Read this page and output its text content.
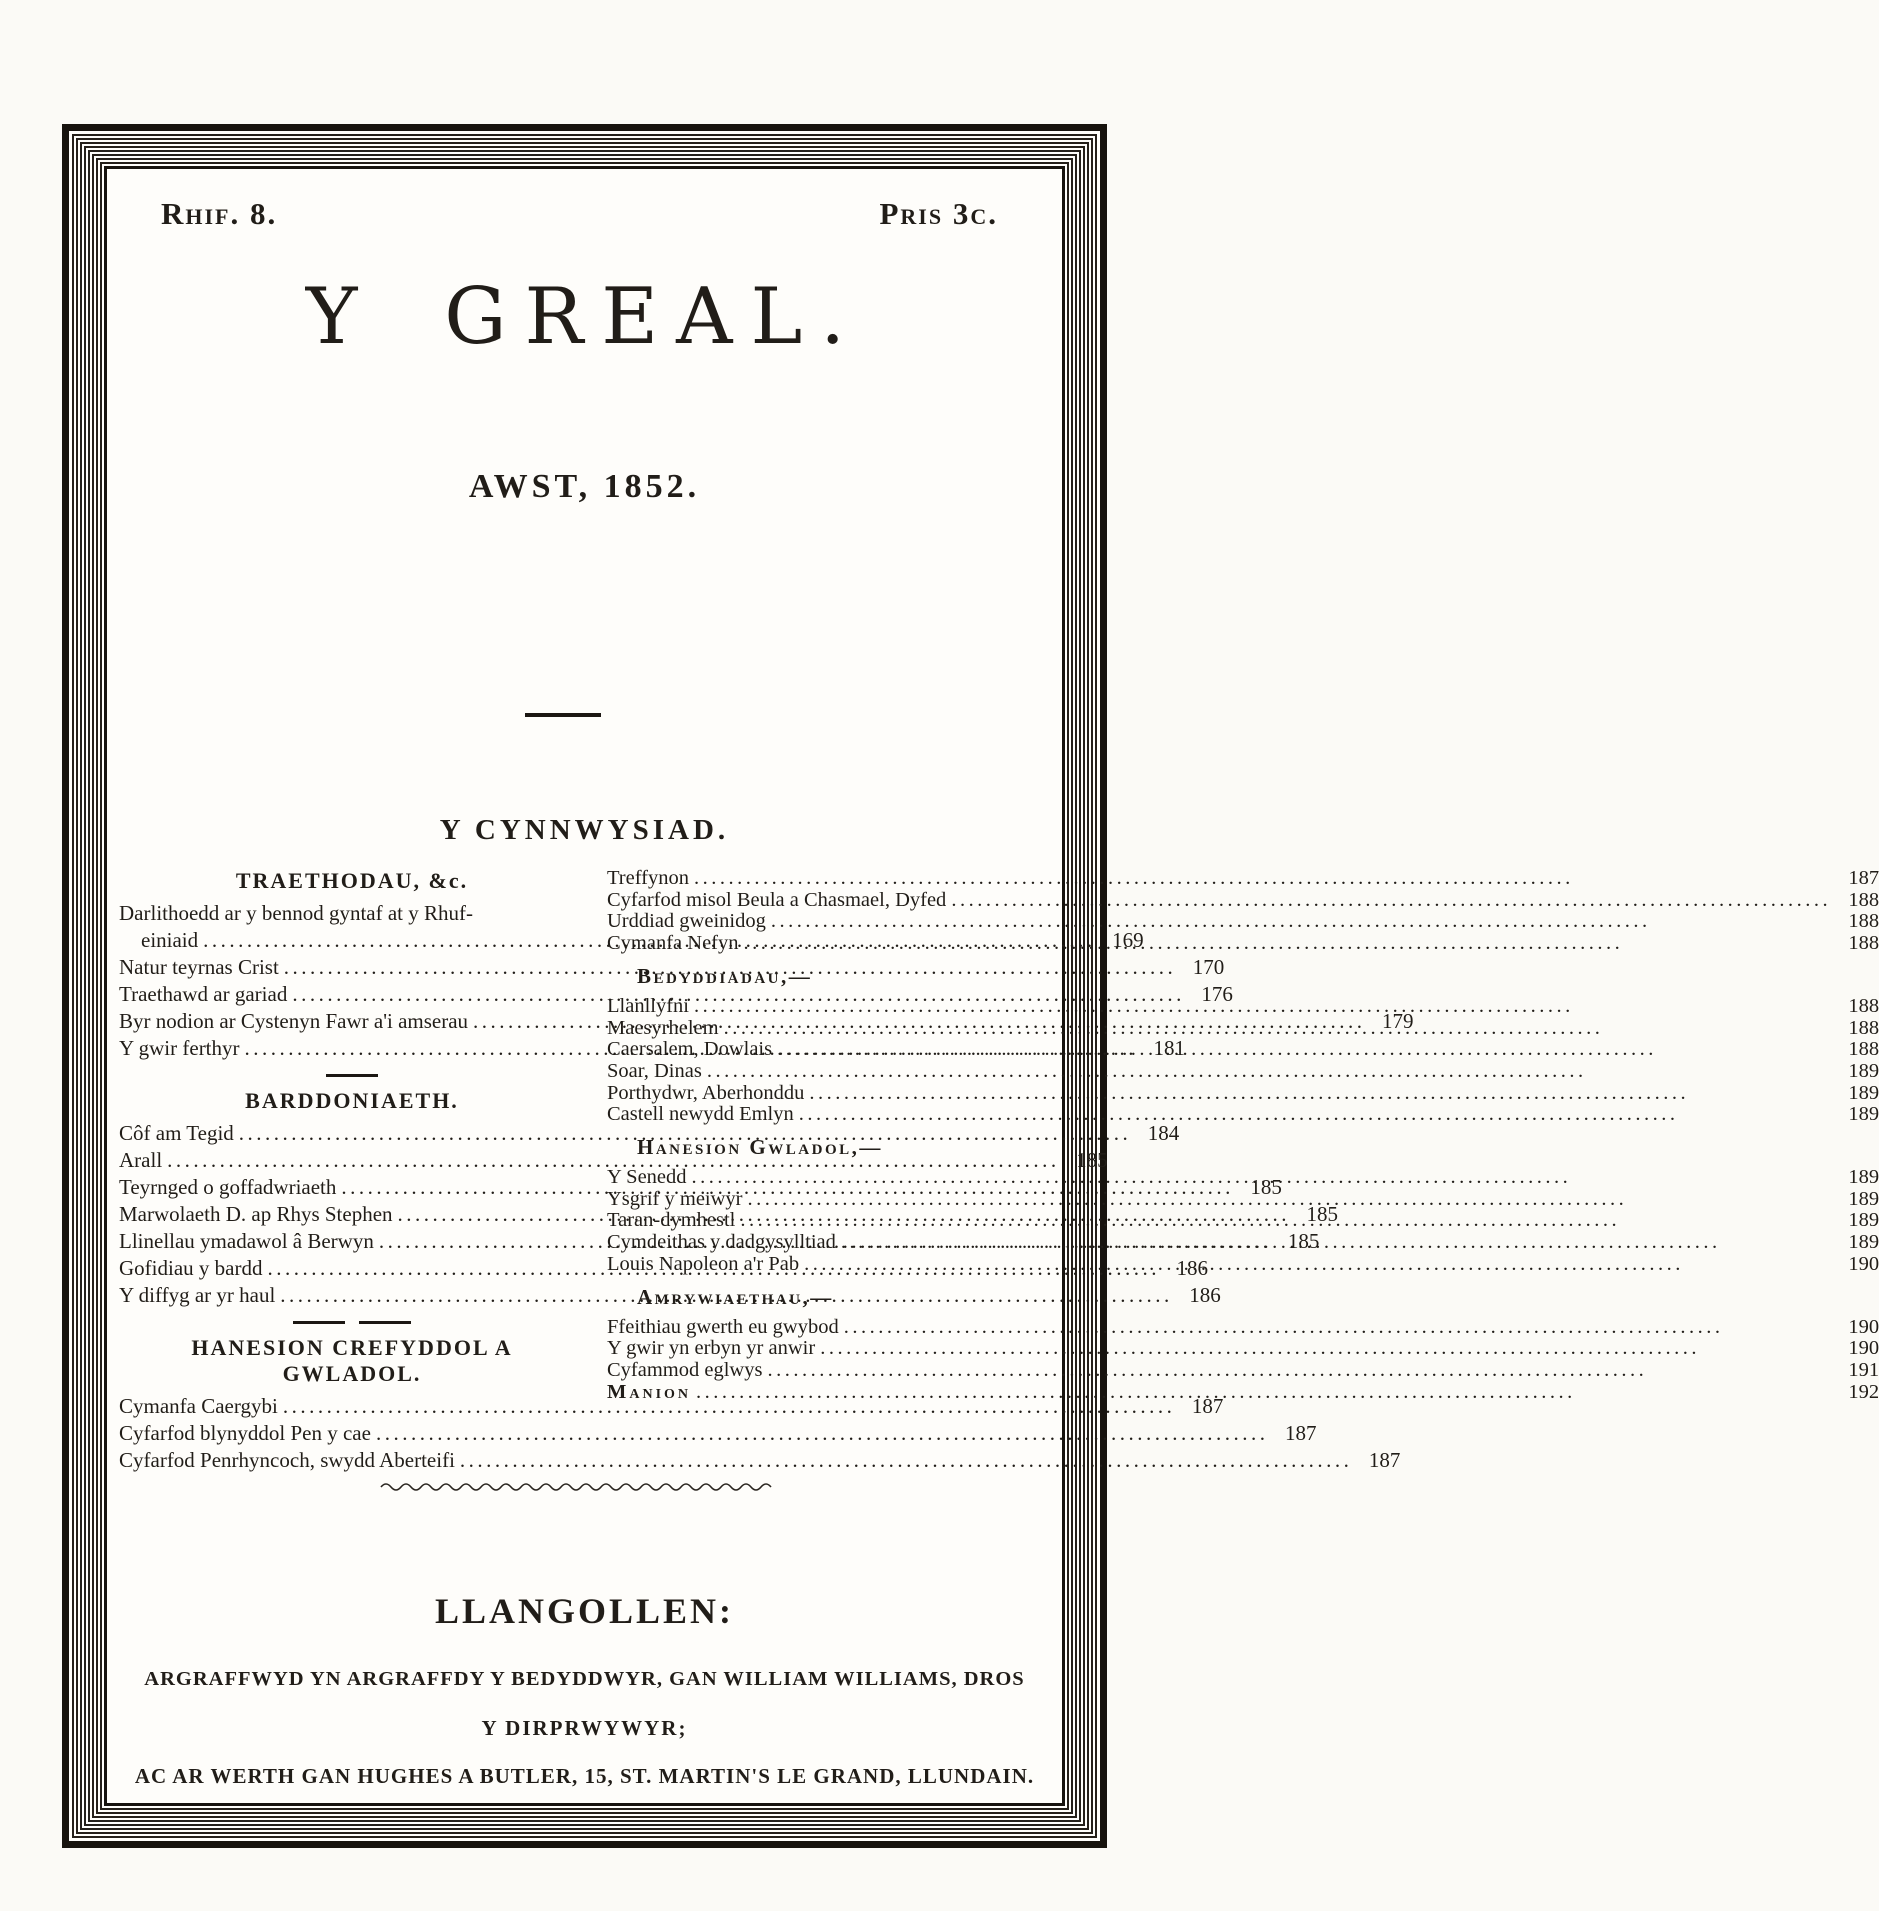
Rhif. 8.	Pris 3c.
Y GREAL.
AWST, 1852.
Y CYNNWYSIAD.
TRAETHODAU, &c.
Darlithoedd ar y bennod gyntaf at y Rhuf-
einiaid .....	169
Natur teyrnas Crist .....	170
Traethawd ar gariad .....	176
Byr nodion ar Cystenyn Fawr a'i amserau .....	179
Y gwir ferthyr .....	181
BARDDONIAETH.
Côf am Tegid .....	184
Arall .....	185
Teyrnged o goffadwriaeth .....	185
Marwolaeth D. ap Rhys Stephen .....	185
Llinellau ymadawol â Berwyn .....	185
Gofidiau y bardd .....	186
Y diffyg ar yr haul .....	186
HANESION CREFYDDOL A GWLADOL.
Cymanfa Caergybi .....	187
Cyfarfod blynyddol Pen y cae .....	187
Cyfarfod Penrhyncoch, swydd Aberteifi .....	187
Treffynon .....	187
Cyfarfod misol Beula a Chasmael, Dyfed .....	188
Urddiad gweinidog .....	188
Cymanfa Nefyn .....	188
Bedyddiadau,—
Llanllyfni .....	188
Maesyrhelem .....	188
Caersalem, Dowlais .....	188
Soar, Dinas .....	189
Porthydwr, Aberhonddu .....	189
Castell newydd Emlyn .....	189
Hanesion Gwladol,—
Y Senedd .....	189
Ysgrif y meiwyr .....	189
Taran-dymhestl .....	189
Cymdeithas y dadgysylltiad .....	189
Louis Napoleon a'r Pab .....	190
Amrywiaethau,—
Ffeithiau gwerth eu gwybod .....	190
Y gwir yn erbyn yr anwir .....	190
Cyfammod eglwys .....	191
Manion .....	192
LLANGOLLEN:
ARGRAFFWYD YN ARGRAFFDY Y BEDYDDWYR, GAN WILLIAM WILLIAMS, DROS
Y DIRPRWYWYR;
AC AR WERTH GAN HUGHES A BUTLER, 15, ST. MARTIN'S LE GRAND, LLUNDAIN.
